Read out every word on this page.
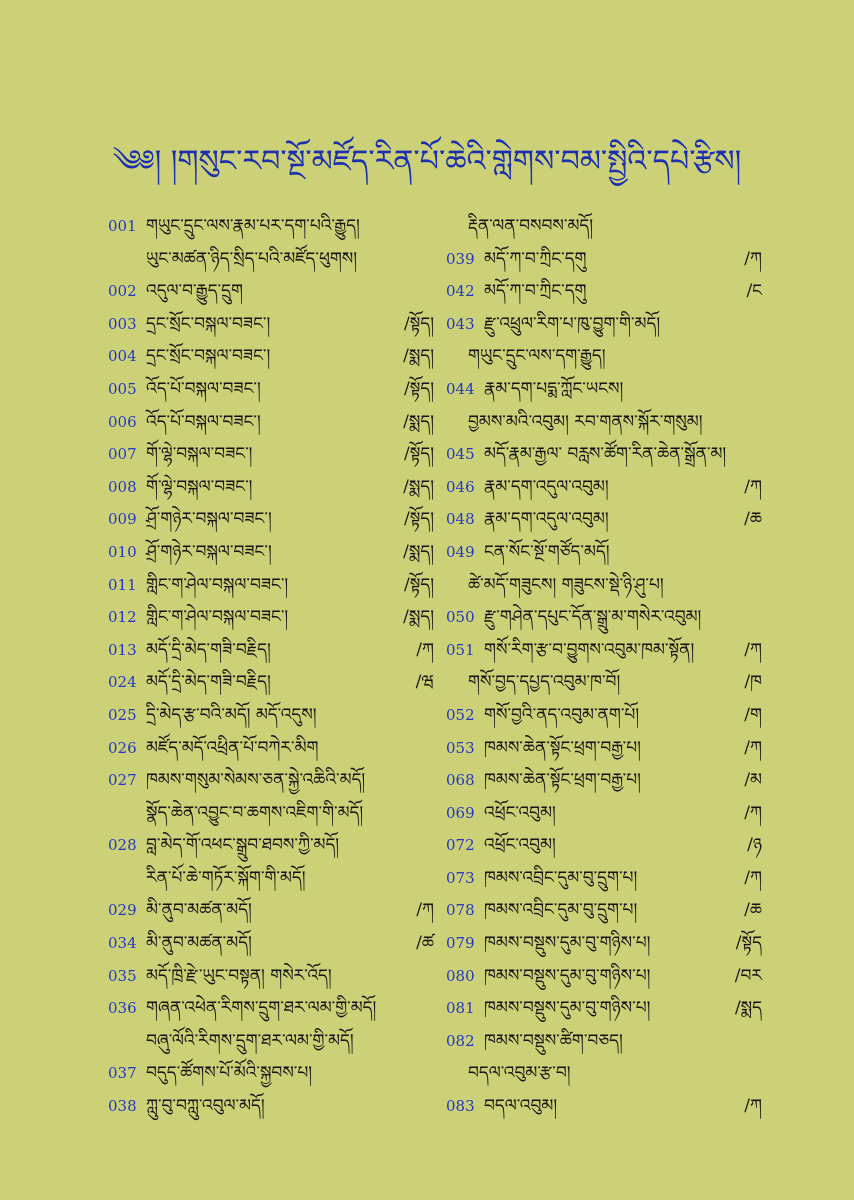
༄༅། །གསུང་རབ་སྔོ་མཛོད་རིན་པོ་ཆེའི་གླེགས་བམ་སྤྱིའི་དཔེ་རྩིས།
001 གཡུང་དྲུང་ལས་རྣམ་པར་དག་པའི་རྒྱུད།
ཡུང་མཚན་ཉིད་སྲིད་པའི་མཛོད་ཕུགས།
002 འདུལ་བ་རྒྱུད་དྲུག
003 དྲང་སྲོང་བསྐལ་བཟང་།	/སྟོད།
004 དྲང་སྲོང་བསྐལ་བཟང་།	/སྨད།
005 འོད་པོ་བསྐལ་བཟང་།	/སྟོད།
006 འོད་པོ་བསྐལ་བཟང་།	/སྨད།
007 གོ་ལྷེ་བསྐལ་བཟང་།	/སྟོད།
008 གོ་ལྷེ་བསྐལ་བཟང་།	/སྨད།
009 ཤྲོ་གཉེར་བསྐལ་བཟང་།	/སྟོད།
010 ཤྲོ་གཉེར་བསྐལ་བཟང་།	/སྨད།
011 གླིང་ག་ཤེལ་བསྐལ་བཟང་།	/སྟོད།
012 གླིང་ག་ཤེལ་བསྐལ་བཟང་།	/སྨད།
013 མདོ་དྲི་མེད་གཟི་བརྗིད།	/ཀ
024 མདོ་དྲི་མེད་གཟི་བརྗིད།	/ཝ
025 དྲི་མེད་རྩ་བའི་མདོ། མདོ་འདུས།
026 མཛོད་མདོ་འཕྲིན་པོ་བཀེར་མིག
027 ཁམས་གསུམ་སེམས་ཅན་སྐྱེ་འཆིའི་མདོ།
སྣོད་ཆེན་འབྱུང་བ་ཆགས་འཇིག་གི་མདོ།
028 བླ་མེད་གོ་འཕང་སྒྲུབ་ཐབས་ཀྱི་མདོ།
རིན་པོ་ཆེ་གཏོར་སྐོག་གི་མདོ།
029 མི་ནུབ་མཚན་མདོ།	/ཀ
034 མི་ནུབ་མཚན་མདོ།	/ཚ
035 མདོ་ཁྲི་རྫེ་ཡུང་བསྟན། གསེར་འོད།
036 གཞན་འཕེན་རིགས་དྲུག་ཐར་ལམ་གྱི་མདོ།
བཞུ་ལོའི་རིགས་དྲུག་ཐར་ལམ་གྱི་མདོ།
037 བདུད་ཚོགས་པོ་མོའི་སྐྱབས་པ།
038 ཀླུ་བུ་བཀླུ་འབུལ་མདོ།
རྡིན་ལན་བསབས་མདོ།
039 མདོ་ཀ་བ་ཀྲིང་དགུ	/ཀ
042 མདོ་ཀ་བ་ཀྲིང་དགུ	/ང
043 རྫུ་འཕྲུལ་རིག་པ་ཁུ་བྱུག་གི་མདོ།
གཡུང་དྲུང་ལས་དག་རྒྱུད།
044 རྣམ་དག་པདྨ་ཀློང་ཡངས།
བྱམས་མའི་འབུམ། རབ་གནས་སྐོར་གསུམ།
045 མདོ་རྣམ་རྒྱལ་ བརླས་ཚོག་རིན་ཆེན་སྒྲོན་མ།
046 རྣམ་དག་འདུལ་འབུམ།	/ཀ
048 རྣམ་དག་འདུལ་འབུམ།	/ཆ
049 ངན་སོང་སྔོ་གཙོད་མདོ།
ཚེ་མདོ་གཟུངས། གཟུངས་སྡེ་ཉི་ཤུ་པ།
050 རྫུ་གཤེན་དཔུང་དོན་སྒྲུ་མ་གསེར་འབུམ།
051 གསོ་རིག་རྩ་བ་བྱུགས་འབུམ་ཁམ་སྟོན།	/ཀ
གསོ་བྱད་དཔྱད་འབུམ་ཁ་བོ།	/ཁ
052 གསོ་བྱའི་ནད་འབུམ་ནག་པོ།	/ག
053 ཁམས་ཆེན་སྟོང་ཕྲག་བརྒྱ་པ།	/ཀ
068 ཁམས་ཆེན་སྟོང་ཕྲག་བརྒྱ་པ།	/མ
069 འཕྲོང་འབུམ།	/ཀ
072 འཕྲོང་འབུམ།	/ཉ
073 ཁམས་འབྲིང་དུམ་བུ་དྲུག་པ།	/ཀ
078 ཁམས་འབྲིང་དུམ་བུ་དྲུག་པ།	/ཆ
079 ཁམས་བསྡུས་དུམ་བུ་གཉིས་པ།	/སྟོད
080 ཁམས་བསྡུས་དུམ་བུ་གཉིས་པ།	/བར
081 ཁམས་བསྡུས་དུམ་བུ་གཉིས་པ།	/སྨད
082 ཁམས་བསྡུས་ཚིག་བཅད།
བདལ་འབུམ་རྩ་བ།
083 བདལ་འབུམ།	/ཀ
